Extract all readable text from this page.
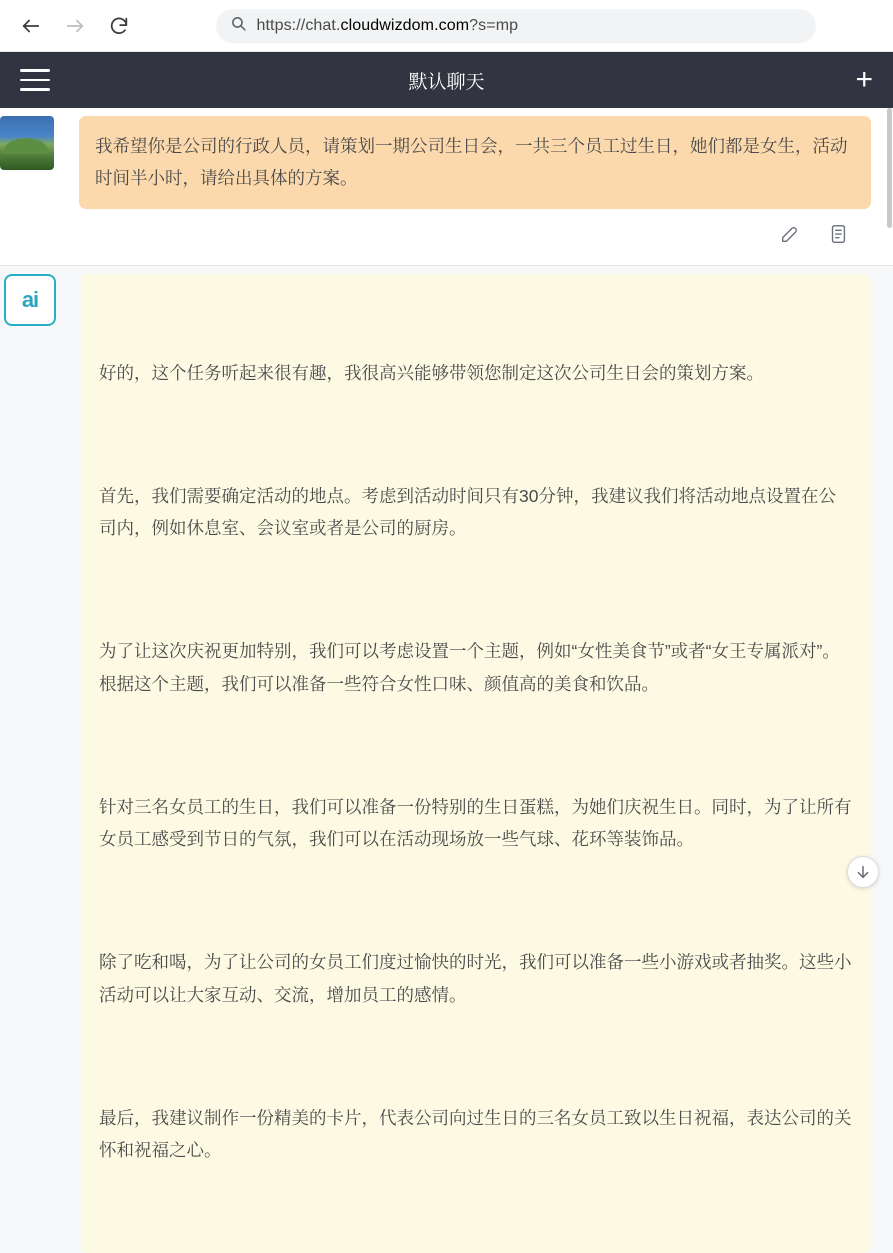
https://chat.cloudwizdom.com?s=mp
默认聊天	+
我希望你是公司的行政人员，请策划一期公司生日会，一共三个员工过生日，她们都是女生，活动时间半小时，请给出具体的方案。
ai

好的，这个任务听起来很有趣，我很高兴能够带领您制定这次公司生日会的策划方案。

首先，我们需要确定活动的地点。考虑到活动时间只有30分钟，我建议我们将活动地点设置在公司内，例如休息室、会议室或者是公司的厨房。

为了让这次庆祝更加特别，我们可以考虑设置一个主题，例如“女性美食节”或者“女王专属派对”。根据这个主题，我们可以准备一些符合女性口味、颜值高的美食和饮品。

针对三名女员工的生日，我们可以准备一份特别的生日蛋糕，为她们庆祝生日。同时，为了让所有女员工感受到节日的气氛，我们可以在活动现场放一些气球、花环等装饰品。

除了吃和喝，为了让公司的女员工们度过愉快的时光，我们可以准备一些小游戏或者抽奖。这些小活动可以让大家互动、交流，增加员工的感情。

最后，我建议制作一份精美的卡片，代表公司向过生日的三名女员工致以生日祝福，表达公司的关怀和祝福之心。
